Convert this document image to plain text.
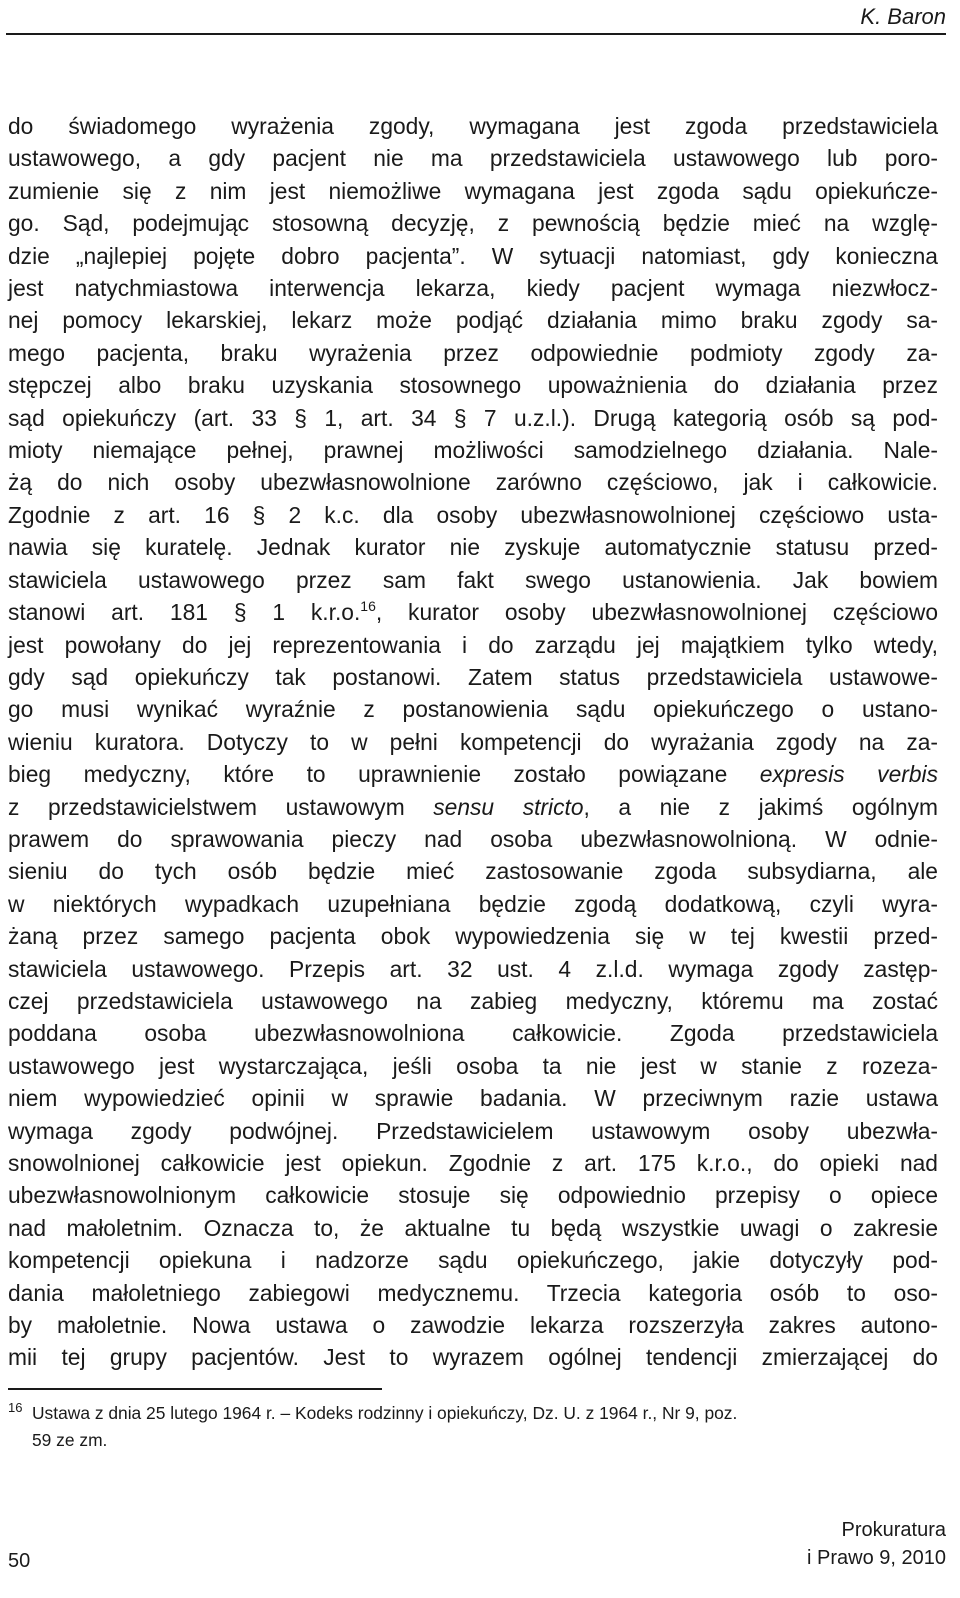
K. Baron
do świadomego wyrażenia zgody, wymagana jest zgoda przedstawiciela
ustawowego, a gdy pacjent nie ma przedstawiciela ustawowego lub poro-
zumienie się z nim jest niemożliwe wymagana jest zgoda sądu opiekuńcze-
go. Sąd, podejmując stosowną decyzję, z pewnością będzie mieć na wzglę-
dzie „najlepiej pojęte dobro pacjenta”. W sytuacji natomiast, gdy konieczna
jest natychmiastowa interwencja lekarza, kiedy pacjent wymaga niezwłocz-
nej pomocy lekarskiej, lekarz może podjąć działania mimo braku zgody sa-
mego pacjenta, braku wyrażenia przez odpowiednie podmioty zgody za-
stępczej albo braku uzyskania stosownego upoważnienia do działania przez
sąd opiekuńczy (art. 33 § 1, art. 34 § 7 u.z.l.). Drugą kategorią osób są pod-
mioty niemające pełnej, prawnej możliwości samodzielnego działania. Nale-
żą do nich osoby ubezwłasnowolnione zarówno częściowo, jak i całkowicie.
Zgodnie z art. 16 § 2 k.c. dla osoby ubezwłasnowolnionej częściowo usta-
nawia się kuratelę. Jednak kurator nie zyskuje automatycznie statusu przed-
stawiciela ustawowego przez sam fakt swego ustanowienia. Jak bowiem
stanowi art. 181 § 1 k.r.o.$^{16}$, kurator osoby ubezwłasnowolnionej częściowo
jest powołany do jej reprezentowania i do zarządu jej majątkiem tylko wtedy,
gdy sąd opiekuńczy tak postanowi. Zatem status przedstawiciela ustawowe-
go musi wynikać wyraźnie z postanowienia sądu opiekuńczego o ustano-
wieniu kuratora. Dotyczy to w pełni kompetencji do wyrażania zgody na za-
bieg medyczny, które to uprawnienie zostało powiązane expresis verbis
z przedstawicielstwem ustawowym sensu stricto, a nie z jakimś ogólnym
prawem do sprawowania pieczy nad osoba ubezwłasnowolnioną. W odnie-
sieniu do tych osób będzie mieć zastosowanie zgoda subsydiarna, ale
w niektórych wypadkach uzupełniana będzie zgodą dodatkową, czyli wyra-
żaną przez samego pacjenta obok wypowiedzenia się w tej kwestii przed-
stawiciela ustawowego. Przepis art. 32 ust. 4 z.l.d. wymaga zgody zastęp-
czej przedstawiciela ustawowego na zabieg medyczny, któremu ma zostać
poddana osoba ubezwłasnowolniona całkowicie. Zgoda przedstawiciela
ustawowego jest wystarczająca, jeśli osoba ta nie jest w stanie z rozeza-
niem wypowiedzieć opinii w sprawie badania. W przeciwnym razie ustawa
wymaga zgody podwójnej. Przedstawicielem ustawowym osoby ubezwła-
snowolnionej całkowicie jest opiekun. Zgodnie z art. 175 k.r.o., do opieki nad
ubezwłasnowolnionym całkowicie stosuje się odpowiednio przepisy o opiece
nad małoletnim. Oznacza to, że aktualne tu będą wszystkie uwagi o zakresie
kompetencji opiekuna i nadzorze sądu opiekuńczego, jakie dotyczyły pod-
dania małoletniego zabiegowi medycznemu. Trzecia kategoria osób to oso-
by małoletnie. Nowa ustawa o zawodzie lekarza rozszerzyła zakres autono-
mii tej grupy pacjentów. Jest to wyrazem ogólnej tendencji zmierzającej do
16 Ustawa z dnia 25 lutego 1964 r. – Kodeks rodzinny i opiekuńczy, Dz. U. z 1964 r., Nr 9, poz.
59 ze zm.
Prokuratura
i Prawo 9, 2010
50
